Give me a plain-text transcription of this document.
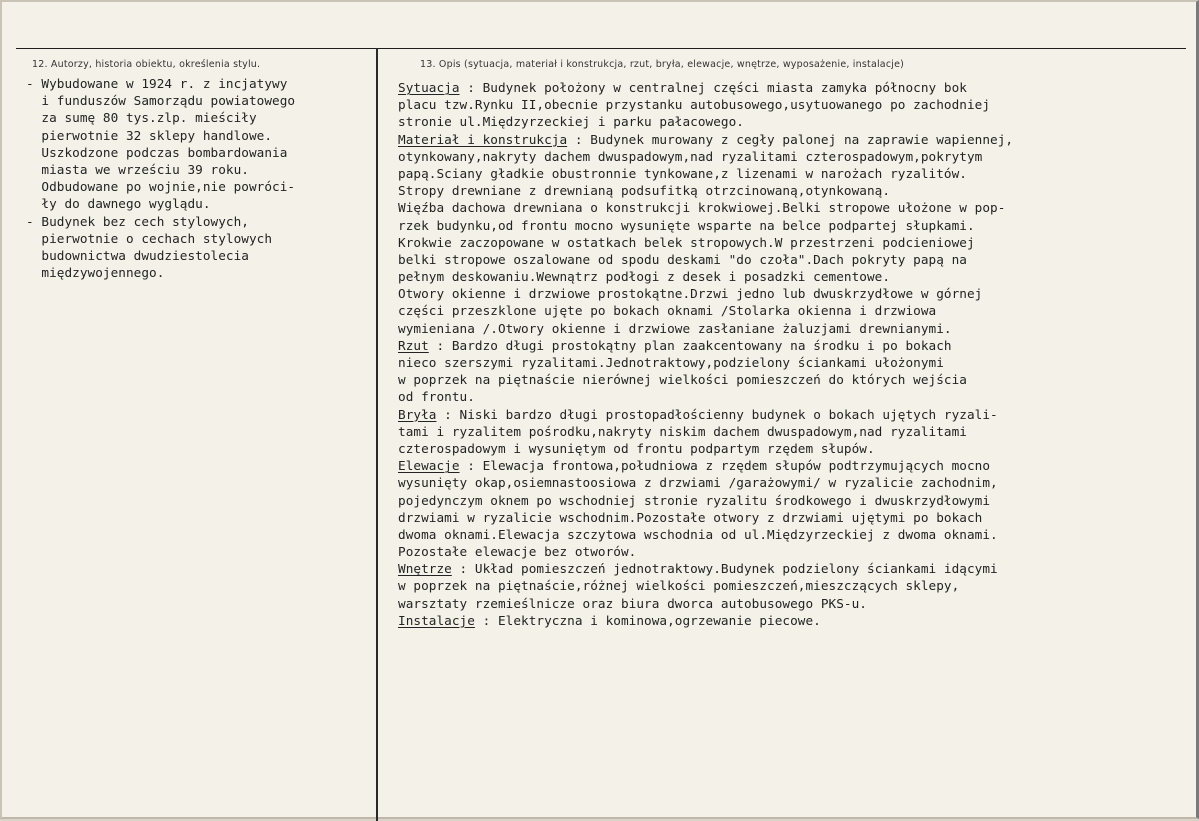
12. Autorzy, historia obiektu, określenia stylu.	13. Opis (sytuacja, materiał i konstrukcja, rzut, bryła, elewacje, wnętrze, wyposażenie, instalacje)
- Wybudowane w 1924 r. z incjatywy
i funduszów Samorządu powiatowego
za sumę 80 tys.zlp. mieściły
pierwotnie 32 sklepy handlowe.
Uszkodzone podczas bombardowania
miasta we wrześciu 39 roku.
Odbudowane po wojnie,nie powróci-
ły do dawnego wyglądu.
- Budynek bez cech stylowych,
pierwotnie o cechach stylowych
budownictwa dwudziestolecia
międzywojennego.
Sytuacja : Budynek położony w centralnej części miasta zamyka północny bok
placu tzw.Rynku II,obecnie przystanku autobusowego,usytuowanego po zachodniej
stronie ul.Międzyrzeckiej i parku pałacowego.
Materiał i konstrukcja : Budynek murowany z cegły palonej na zaprawie wapiennej,
otynkowany,nakryty dachem dwuspadowym,nad ryzalitami czterospadowym,pokrytym
papą.Sciany gładkie obustronnie tynkowane,z lizenami w narożach ryzalitów.
Stropy drewniane z drewnianą podsufitką otrzcinowaną,otynkowaną.
Więźba dachowa drewniana o konstrukcji krokwiowej.Belki stropowe ułożone w pop-
rzek budynku,od frontu mocno wysunięte wsparte na belce podpartej słupkami.
Krokwie zaczopowane w ostatkach belek stropowych.W przestrzeni podcieniowej
belki stropowe oszalowane od spodu deskami "do czoła".Dach pokryty papą na
pełnym deskowaniu.Wewnątrz podłogi z desek i posadzki cementowe.
Otwory okienne i drzwiowe prostokątne.Drzwi jedno lub dwuskrzydłowe w górnej
części przeszklone ujęte po bokach oknami /Stolarka okienna i drzwiowa
wymieniana /.Otwory okienne i drzwiowe zasłaniane żaluzjami drewnianymi.
Rzut : Bardzo długi prostokątny plan zaakcentowany na środku i po bokach
nieco szerszymi ryzalitami.Jednotraktowy,podzielony ściankami ułożonymi
w poprzek na piętnaście nierównej wielkości pomieszczeń do których wejścia
od frontu.
Bryła : Niski bardzo długi prostopadłościenny budynek o bokach ujętych ryzali-
tami i ryzalitem pośrodku,nakryty niskim dachem dwuspadowym,nad ryzalitami
czterospadowym i wysuniętym od frontu podpartym rzędem słupów.
Elewacje : Elewacja frontowa,południowa z rzędem słupów podtrzymujących mocno
wysunięty okap,osiemnastoosiowa z drzwiami /garażowymi/ w ryzalicie zachodnim,
pojedynczym oknem po wschodniej stronie ryzalitu środkowego i dwuskrzydłowymi
drzwiami w ryzalicie wschodnim.Pozostałe otwory z drzwiami ujętymi po bokach
dwoma oknami.Elewacja szczytowa wschodnia od ul.Międzyrzeckiej z dwoma oknami.
Pozostałe elewacje bez otworów.
Wnętrze : Układ pomieszczeń jednotraktowy.Budynek podzielony ściankami idącymi
w poprzek na piętnaście,różnej wielkości pomieszczeń,mieszczących sklepy,
warsztaty rzemieślnicze oraz biura dworca autobusowego PKS-u.
Instalacje : Elektryczna i kominowa,ogrzewanie piecowe.
